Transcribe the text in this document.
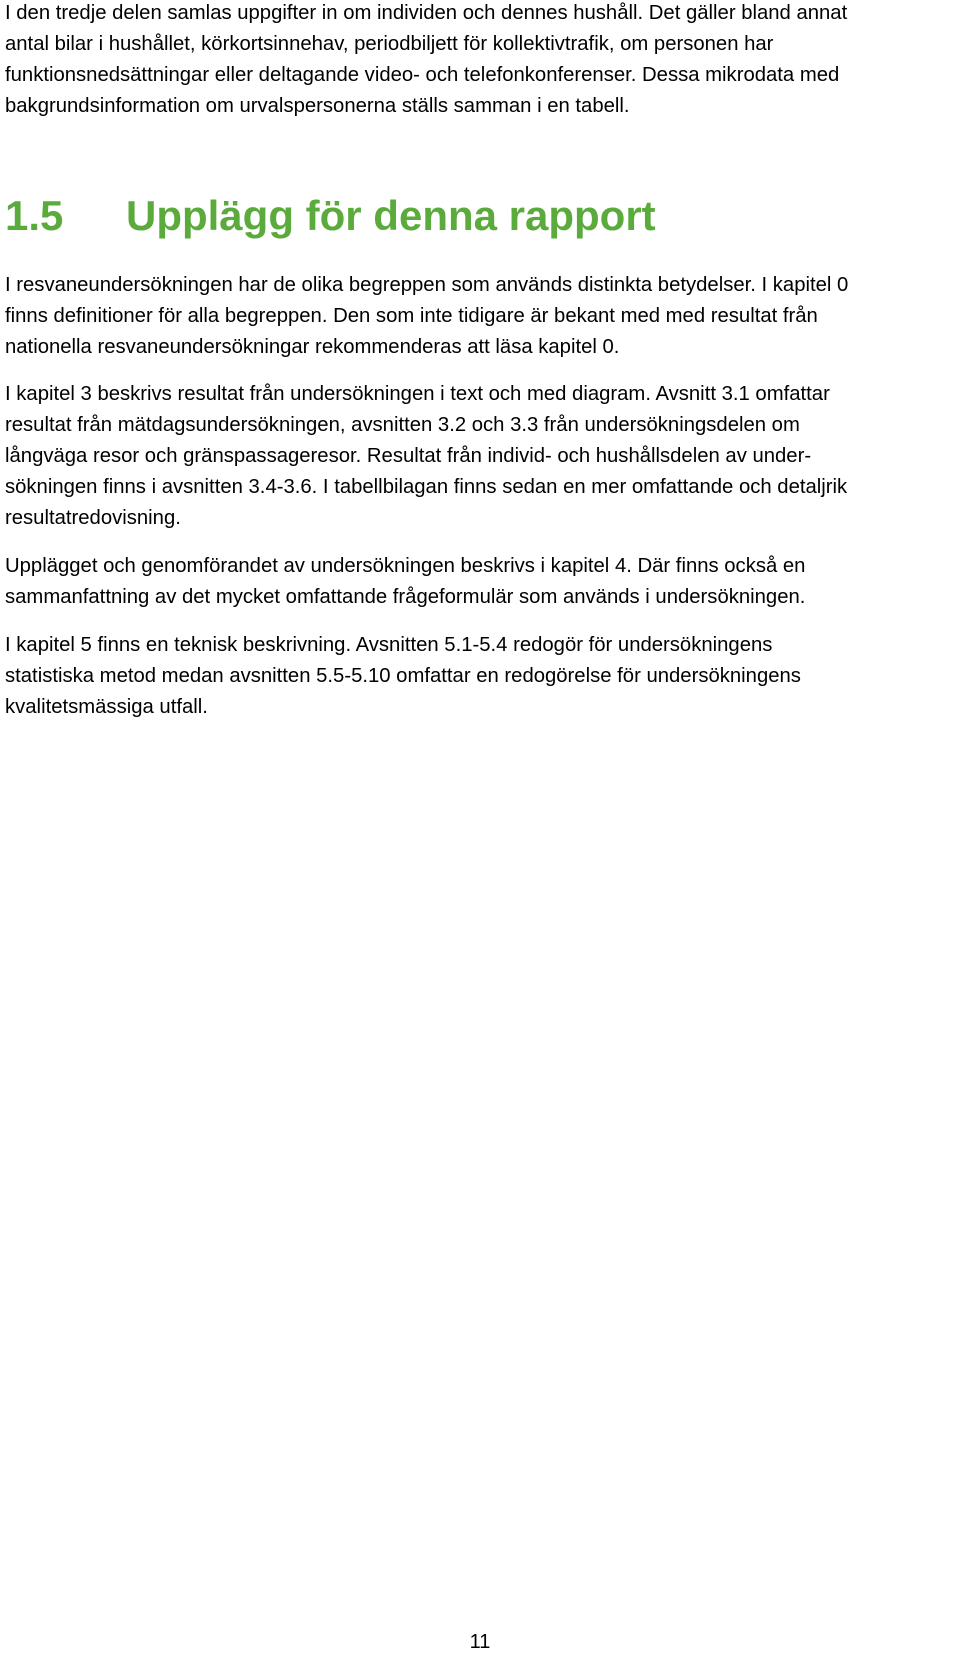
I den tredje delen samlas uppgifter in om individen och dennes hushåll. Det gäller bland annat
antal bilar i hushållet, körkortsinnehav, periodbiljett för kollektivtrafik, om personen har
funktionsnedsättningar eller deltagande video- och telefonkonferenser. Dessa mikrodata med
bakgrundsinformation om urvalspersonerna ställs samman i en tabell.

1.5 Upplägg för denna rapport

I resvaneundersökningen har de olika begreppen som används distinkta betydelser. I kapitel 0
finns definitioner för alla begreppen. Den som inte tidigare är bekant med med resultat från
nationella resvaneundersökningar rekommenderas att läsa kapitel 0.

I kapitel 3 beskrivs resultat från undersökningen i text och med diagram. Avsnitt 3.1 omfattar
resultat från mätdagsundersökningen, avsnitten 3.2 och 3.3 från undersökningsdelen om
långväga resor och gränspassageresor. Resultat från individ- och hushållsdelen av under-
sökningen finns i avsnitten 3.4-3.6. I tabellbilagan finns sedan en mer omfattande och detaljrik
resultatredovisning.

Upplägget och genomförandet av undersökningen beskrivs i kapitel 4. Där finns också en
sammanfattning av det mycket omfattande frågeformulär som används i undersökningen.

I kapitel 5 finns en teknisk beskrivning. Avsnitten 5.1-5.4 redogör för undersökningens
statistiska metod medan avsnitten 5.5-5.10 omfattar en redogörelse för undersökningens
kvalitetsmässiga utfall.

11
